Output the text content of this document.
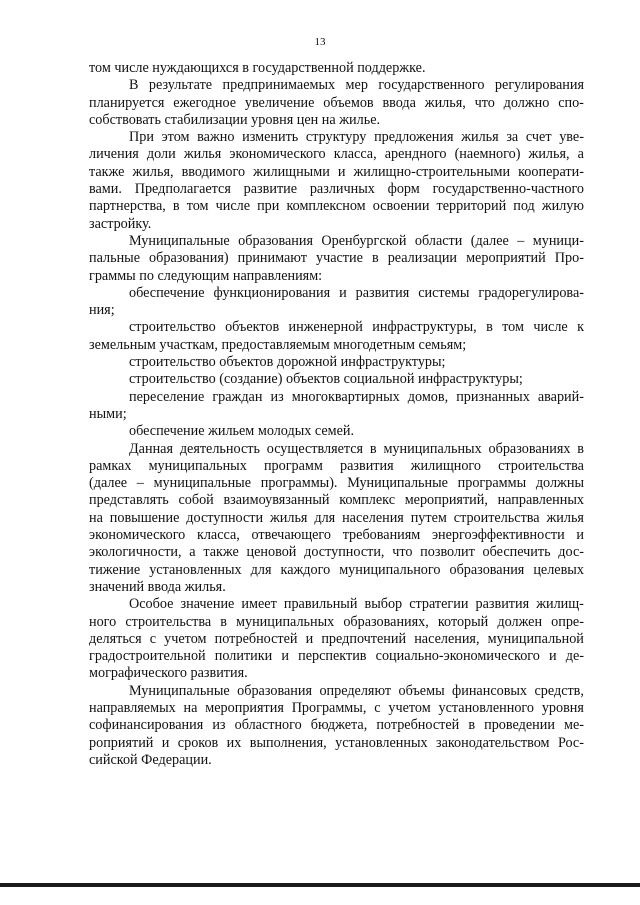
13
том числе нуждающихся в государственной поддержке.
В результате предпринимаемых мер государственного регулирования
планируется ежегодное увеличение объемов ввода жилья, что должно спо-
собствовать стабилизации уровня цен на жилье.
При этом важно изменить структуру предложения жилья за счет уве-
личения доли жилья экономического класса, арендного (наемного) жилья, а
также жилья, вводимого жилищными и жилищно-строительными кооперати-
вами. Предполагается развитие различных форм государственно-частного
партнерства, в том числе при комплексном освоении территорий под жилую
застройку.
Муниципальные образования Оренбургской области (далее – муници-
пальные образования) принимают участие в реализации мероприятий Про-
граммы по следующим направлениям:
обеспечение функционирования и развития системы градорегулирова-
ния;
строительство объектов инженерной инфраструктуры, в том числе к
земельным участкам, предоставляемым многодетным семьям;
строительство объектов дорожной инфраструктуры;
строительство (создание) объектов социальной инфраструктуры;
переселение граждан из многоквартирных домов, признанных аварий-
ными;
обеспечение жильем молодых семей.
Данная деятельность осуществляется в муниципальных образованиях в
рамках муниципальных программ развития жилищного строительства
(далее – муниципальные программы). Муниципальные программы должны
представлять собой взаимоувязанный комплекс мероприятий, направленных
на повышение доступности жилья для населения путем строительства жилья
экономического класса, отвечающего требованиям энергоэффективности и
экологичности, а также ценовой доступности, что позволит обеспечить дос-
тижение установленных для каждого муниципального образования целевых
значений ввода жилья.
Особое значение имеет правильный выбор стратегии развития жилищ-
ного строительства в муниципальных образованиях, который должен опре-
деляться с учетом потребностей и предпочтений населения, муниципальной
градостроительной политики и перспектив социально-экономического и де-
мографического развития.
Муниципальные образования определяют объемы финансовых средств,
направляемых на мероприятия Программы, с учетом установленного уровня
софинансирования из областного бюджета, потребностей в проведении ме-
роприятий и сроков их выполнения, установленных законодательством Рос-
сийской Федерации.
